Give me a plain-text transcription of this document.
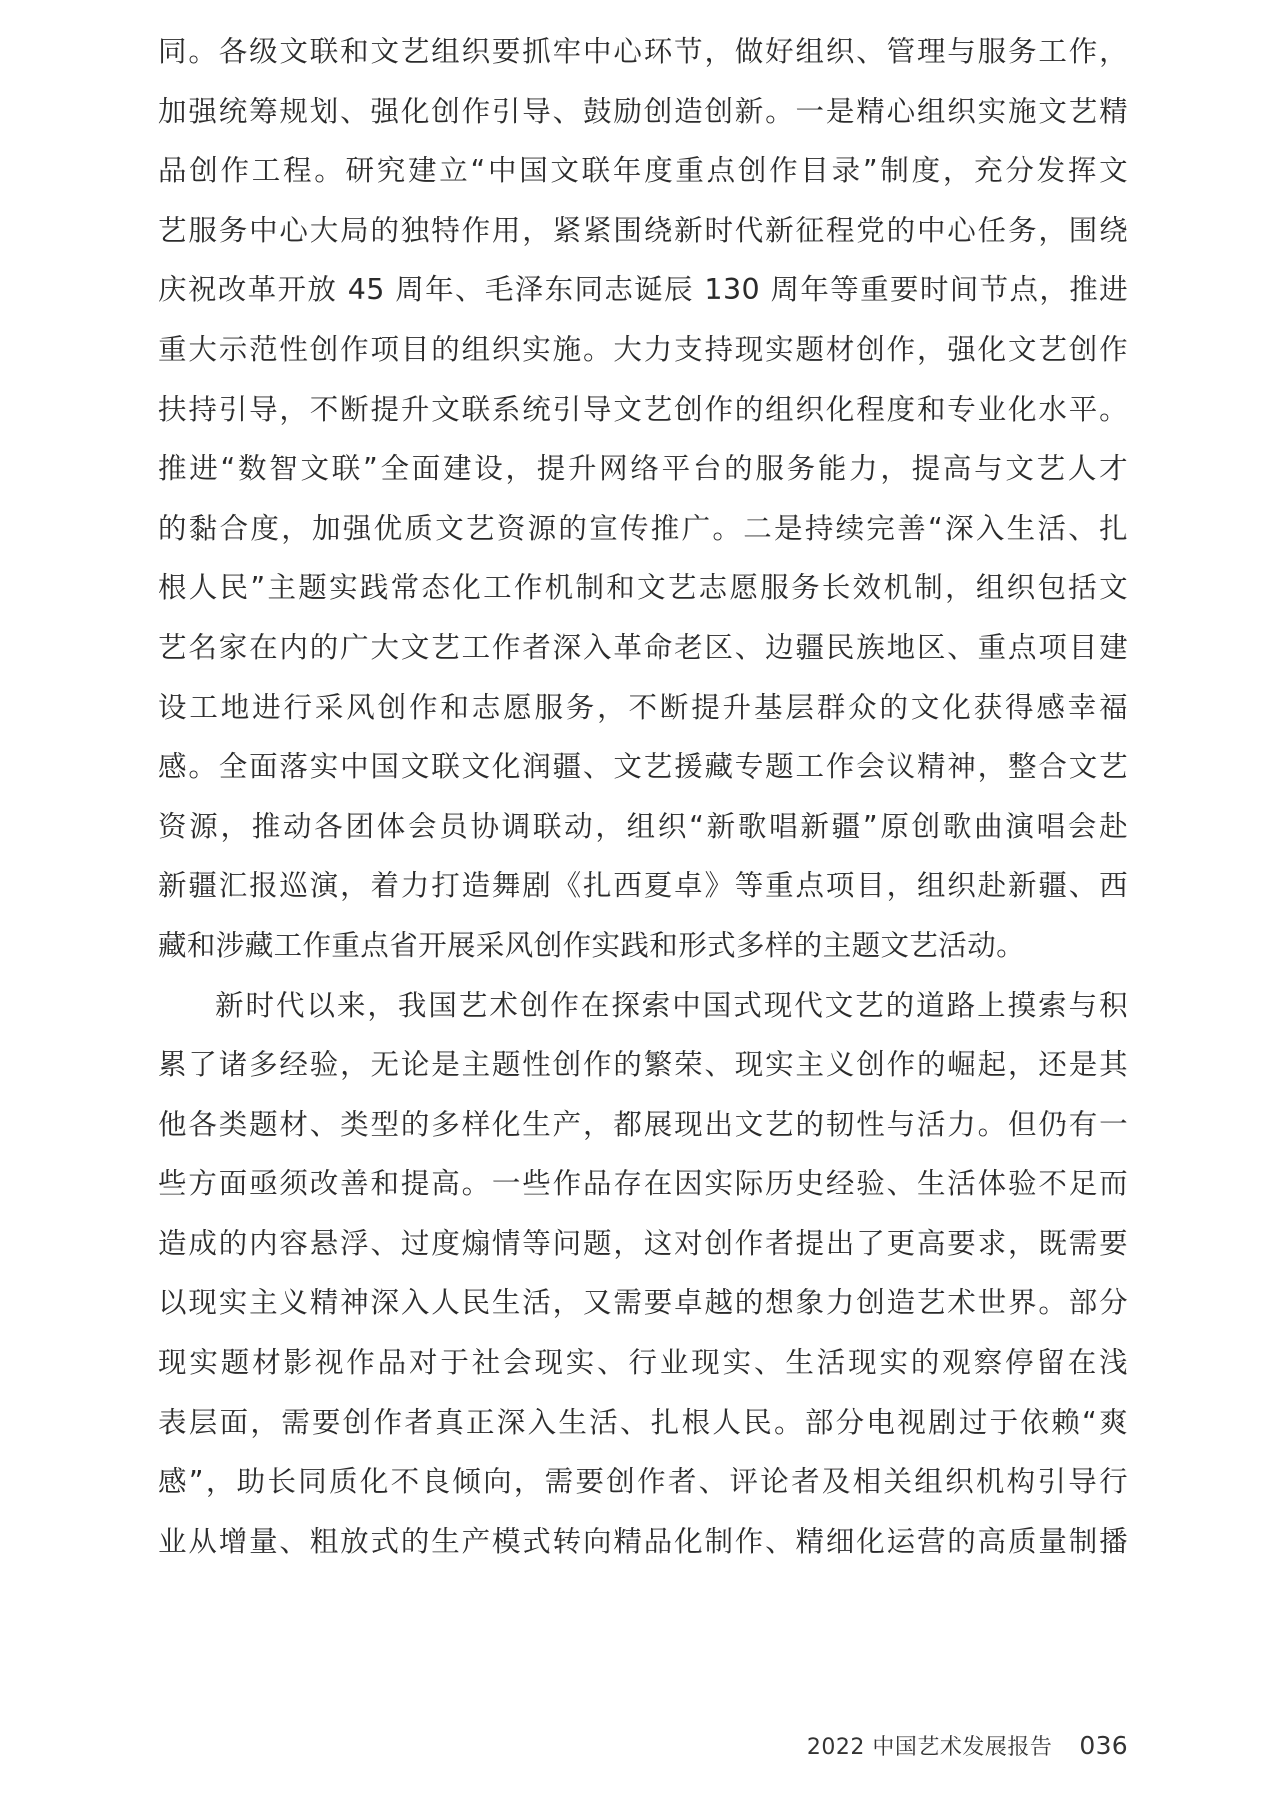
同。各级文联和文艺组织要抓牢中心环节，做好组织、管理与服务工作，
加强统筹规划、强化创作引导、鼓励创造创新。一是精心组织实施文艺精
品创作工程。研究建立“中国文联年度重点创作目录”制度，充分发挥文
艺服务中心大局的独特作用，紧紧围绕新时代新征程党的中心任务，围绕
庆祝改革开放 45 周年、毛泽东同志诞辰 130 周年等重要时间节点，推进
重大示范性创作项目的组织实施。大力支持现实题材创作，强化文艺创作
扶持引导，不断提升文联系统引导文艺创作的组织化程度和专业化水平。
推进“数智文联”全面建设，提升网络平台的服务能力，提高与文艺人才
的黏合度，加强优质文艺资源的宣传推广。二是持续完善“深入生活、扎
根人民”主题实践常态化工作机制和文艺志愿服务长效机制，组织包括文
艺名家在内的广大文艺工作者深入革命老区、边疆民族地区、重点项目建
设工地进行采风创作和志愿服务，不断提升基层群众的文化获得感幸福
感。全面落实中国文联文化润疆、文艺援藏专题工作会议精神，整合文艺
资源，推动各团体会员协调联动，组织“新歌唱新疆”原创歌曲演唱会赴
新疆汇报巡演，着力打造舞剧《扎西夏卓》等重点项目，组织赴新疆、西
藏和涉藏工作重点省开展采风创作实践和形式多样的主题文艺活动。
新时代以来，我国艺术创作在探索中国式现代文艺的道路上摸索与积
累了诸多经验，无论是主题性创作的繁荣、现实主义创作的崛起，还是其
他各类题材、类型的多样化生产，都展现出文艺的韧性与活力。但仍有一
些方面亟须改善和提高。一些作品存在因实际历史经验、生活体验不足而
造成的内容悬浮、过度煽情等问题，这对创作者提出了更高要求，既需要
以现实主义精神深入人民生活，又需要卓越的想象力创造艺术世界。部分
现实题材影视作品对于社会现实、行业现实、生活现实的观察停留在浅
表层面，需要创作者真正深入生活、扎根人民。部分电视剧过于依赖“爽
感”，助长同质化不良倾向，需要创作者、评论者及相关组织机构引导行
业从增量、粗放式的生产模式转向精品化制作、精细化运营的高质量制播
2022 中国艺术发展报告 036
